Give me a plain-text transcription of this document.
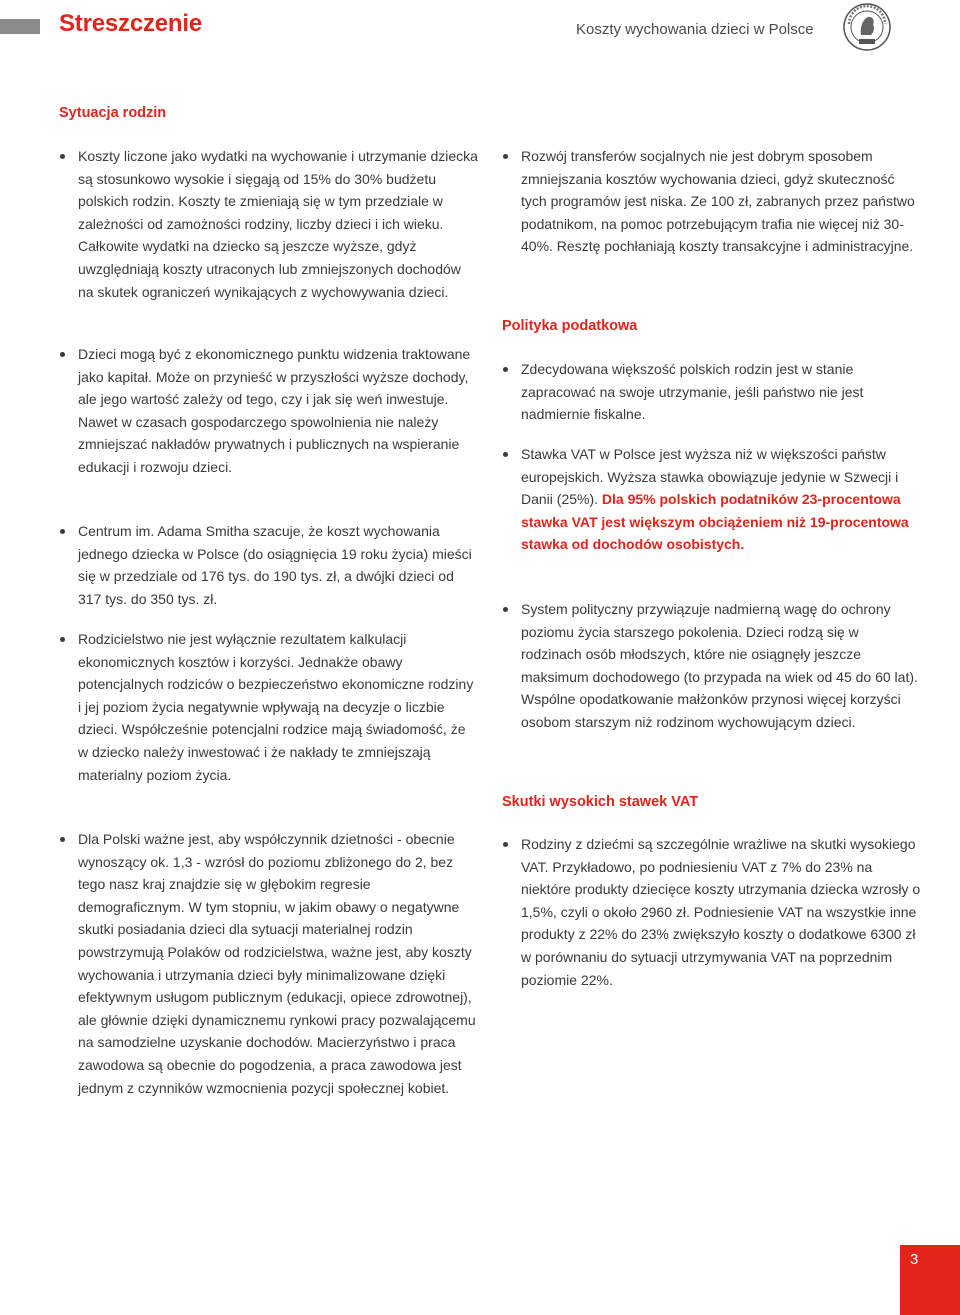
Streszczenie	Koszty wychowania dzieci w Polsce
Sytuacja rodzin
Koszty liczone jako wydatki na wychowanie i utrzymanie dziecka są stosunkowo wysokie i sięgają od 15% do 30% budżetu polskich rodzin. Koszty te zmieniają się w tym przedziale w zależności od zamożności rodziny, liczby dzieci i ich wieku. Całkowite wydatki na dziecko są jeszcze wyższe, gdyż uwzględniają koszty utraconych lub zmniejszonych dochodów na skutek ograniczeń wynikających z wychowywania dzieci.
Dzieci mogą być z ekonomicznego punktu widzenia traktowane jako kapitał. Może on przynieść w przyszłości wyższe dochody, ale jego wartość zależy od tego, czy i jak się weń inwestuje. Nawet w czasach gospodarczego spowolnienia nie należy zmniejszać nakładów prywatnych i publicznych na wspieranie edukacji i rozwoju dzieci.
Centrum im. Adama Smitha szacuje, że koszt wychowania jednego dziecka w Polsce (do osiągnięcia 19 roku życia) mieści się w przedziale od 176 tys. do 190 tys. zł, a dwójki dzieci od 317 tys. do 350 tys. zł.
Rodzicielstwo nie jest wyłącznie rezultatem kalkulacji ekonomicznych kosztów i korzyści. Jednakże obawy potencjalnych rodziców o bezpieczeństwo ekonomiczne rodziny i jej poziom życia negatywnie wpływają na decyzje o liczbie dzieci. Współcześnie potencjalni rodzice mają świadomość, że w dziecko należy inwestować i że nakłady te zmniejszają materialny poziom życia.
Dla Polski ważne jest, aby współczynnik dzietności - obecnie wynoszący ok. 1,3 - wzrósł do poziomu zbliżonego do 2, bez tego nasz kraj znajdzie się w głębokim regresie demograficznym. W tym stopniu, w jakim obawy o negatywne skutki posiadania dzieci dla sytuacji materialnej rodzin powstrzymują Polaków od rodzicielstwa, ważne jest, aby koszty wychowania i utrzymania dzieci były minimalizowane dzięki efektywnym usługom publicznym (edukacji, opiece zdrowotnej), ale głównie dzięki dynamicznemu rynkowi pracy pozwalającemu na samodzielne uzyskanie dochodów. Macierzyństwo i praca zawodowa są obecnie do pogodzenia, a praca zawodowa jest jednym z czynników wzmocnienia pozycji społecznej kobiet.
Rozwój transferów socjalnych nie jest dobrym sposobem zmniejszania kosztów wychowania dzieci, gdyż skuteczność tych programów jest niska. Ze 100 zł, zabranych przez państwo podatnikom, na pomoc potrzebującym trafia nie więcej niż 30-40%. Resztę pochłaniają koszty transakcyjne i administracyjne.
Polityka podatkowa
Zdecydowana większość polskich rodzin jest w stanie zapracować na swoje utrzymanie, jeśli państwo nie jest nadmiernie fiskalne.
Stawka VAT w Polsce jest wyższa niż w większości państw europejskich. Wyższa stawka obowiązuje jedynie w Szwecji i Danii (25%). Dla 95% polskich podatników 23-procentowa stawka VAT jest większym obciążeniem niż 19-procentowa stawka od dochodów osobistych.
System polityczny przywiązuje nadmierną wagę do ochrony poziomu życia starszego pokolenia. Dzieci rodzą się w rodzinach osób młodszych, które nie osiągnęły jeszcze maksimum dochodowego (to przypada na wiek od 45 do 60 lat). Wspólne opodatkowanie małżonków przynosi więcej korzyści osobom starszym niż rodzinom wychowującym dzieci.
Skutki wysokich stawek VAT
Rodziny z dziećmi są szczególnie wrażliwe na skutki wysokiego VAT. Przykładowo, po podniesieniu VAT z 7% do 23% na niektóre produkty dziecięce koszty utrzymania dziecka wzrosły o 1,5%, czyli o około 2960 zł. Podniesienie VAT na wszystkie inne produkty z 22% do 23% zwiększyło koszty o dodatkowe 6300 zł w porównaniu do sytuacji utrzymywania VAT na poprzednim poziomie 22%.
3
